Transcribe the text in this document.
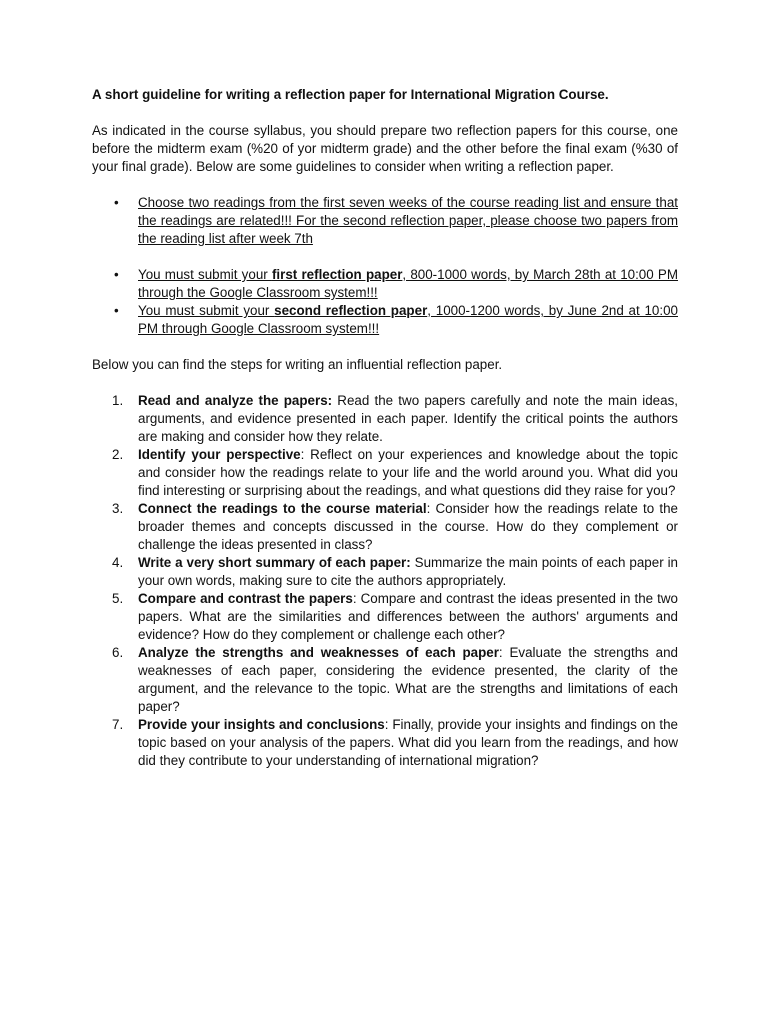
A short guideline for writing a reflection paper for International Migration Course.

As indicated in the course syllabus, you should prepare two reflection papers for this course, one before the midterm exam (%20 of yor midterm grade) and the other before the final exam (%30 of your final grade). Below are some guidelines to consider when writing a reflection paper.

• Choose two readings from the first seven weeks of the course reading list and ensure that the readings are related!!! For the second reflection paper, please choose two papers from the reading list after week 7th
• You must submit your first reflection paper, 800-1000 words, by March 28th at 10:00 PM through the Google Classroom system!!!
• You must submit your second reflection paper, 1000-1200 words, by June 2nd at 10:00 PM through Google Classroom system!!!

Below you can find the steps for writing an influential reflection paper.

1. Read and analyze the papers: Read the two papers carefully and note the main ideas, arguments, and evidence presented in each paper. Identify the critical points the authors are making and consider how they relate.
2. Identify your perspective: Reflect on your experiences and knowledge about the topic and consider how the readings relate to your life and the world around you. What did you find interesting or surprising about the readings, and what questions did they raise for you?
3. Connect the readings to the course material: Consider how the readings relate to the broader themes and concepts discussed in the course. How do they complement or challenge the ideas presented in class?
4. Write a very short summary of each paper: Summarize the main points of each paper in your own words, making sure to cite the authors appropriately.
5. Compare and contrast the papers: Compare and contrast the ideas presented in the two papers. What are the similarities and differences between the authors' arguments and evidence? How do they complement or challenge each other?
6. Analyze the strengths and weaknesses of each paper: Evaluate the strengths and weaknesses of each paper, considering the evidence presented, the clarity of the argument, and the relevance to the topic. What are the strengths and limitations of each paper?
7. Provide your insights and conclusions: Finally, provide your insights and findings on the topic based on your analysis of the papers. What did you learn from the readings, and how did they contribute to your understanding of international migration?
